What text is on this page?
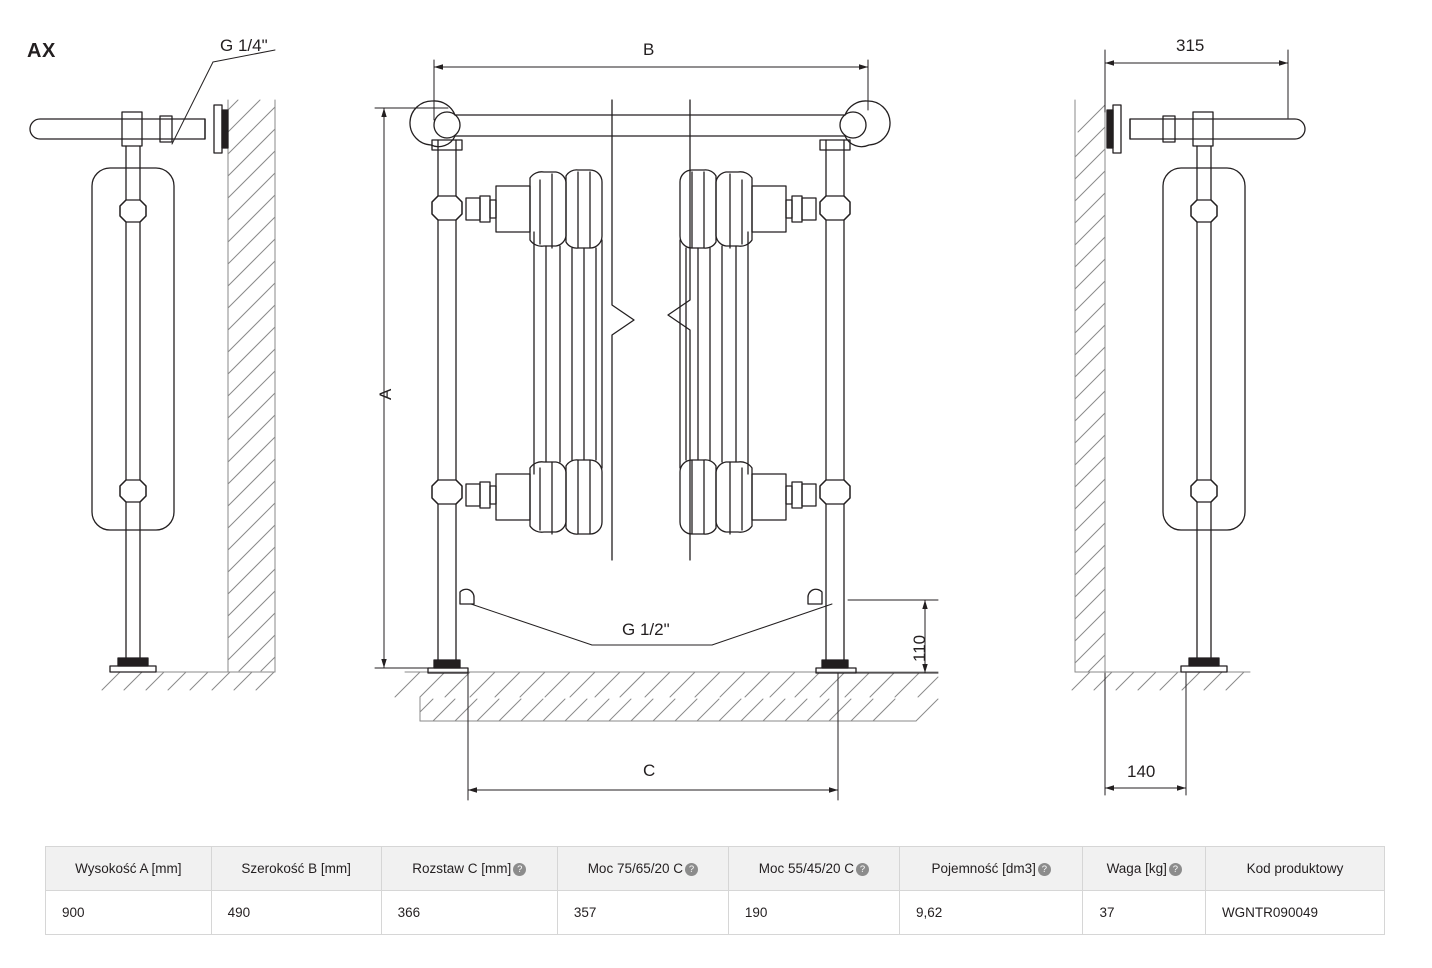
AX	G 1/4"	B
A
C
G 1/2"
110
315
140
Wysokość A [mm]	Szerokość B [mm]	Rozstaw C [mm] ?	Moc 75/65/20 C ?	Moc 55/45/20 C ?	Pojemność [dm3] ?	Waga [kg] ?	Kod produktowy
900	490	366	357	190	9,62	37	WGNTR090049
